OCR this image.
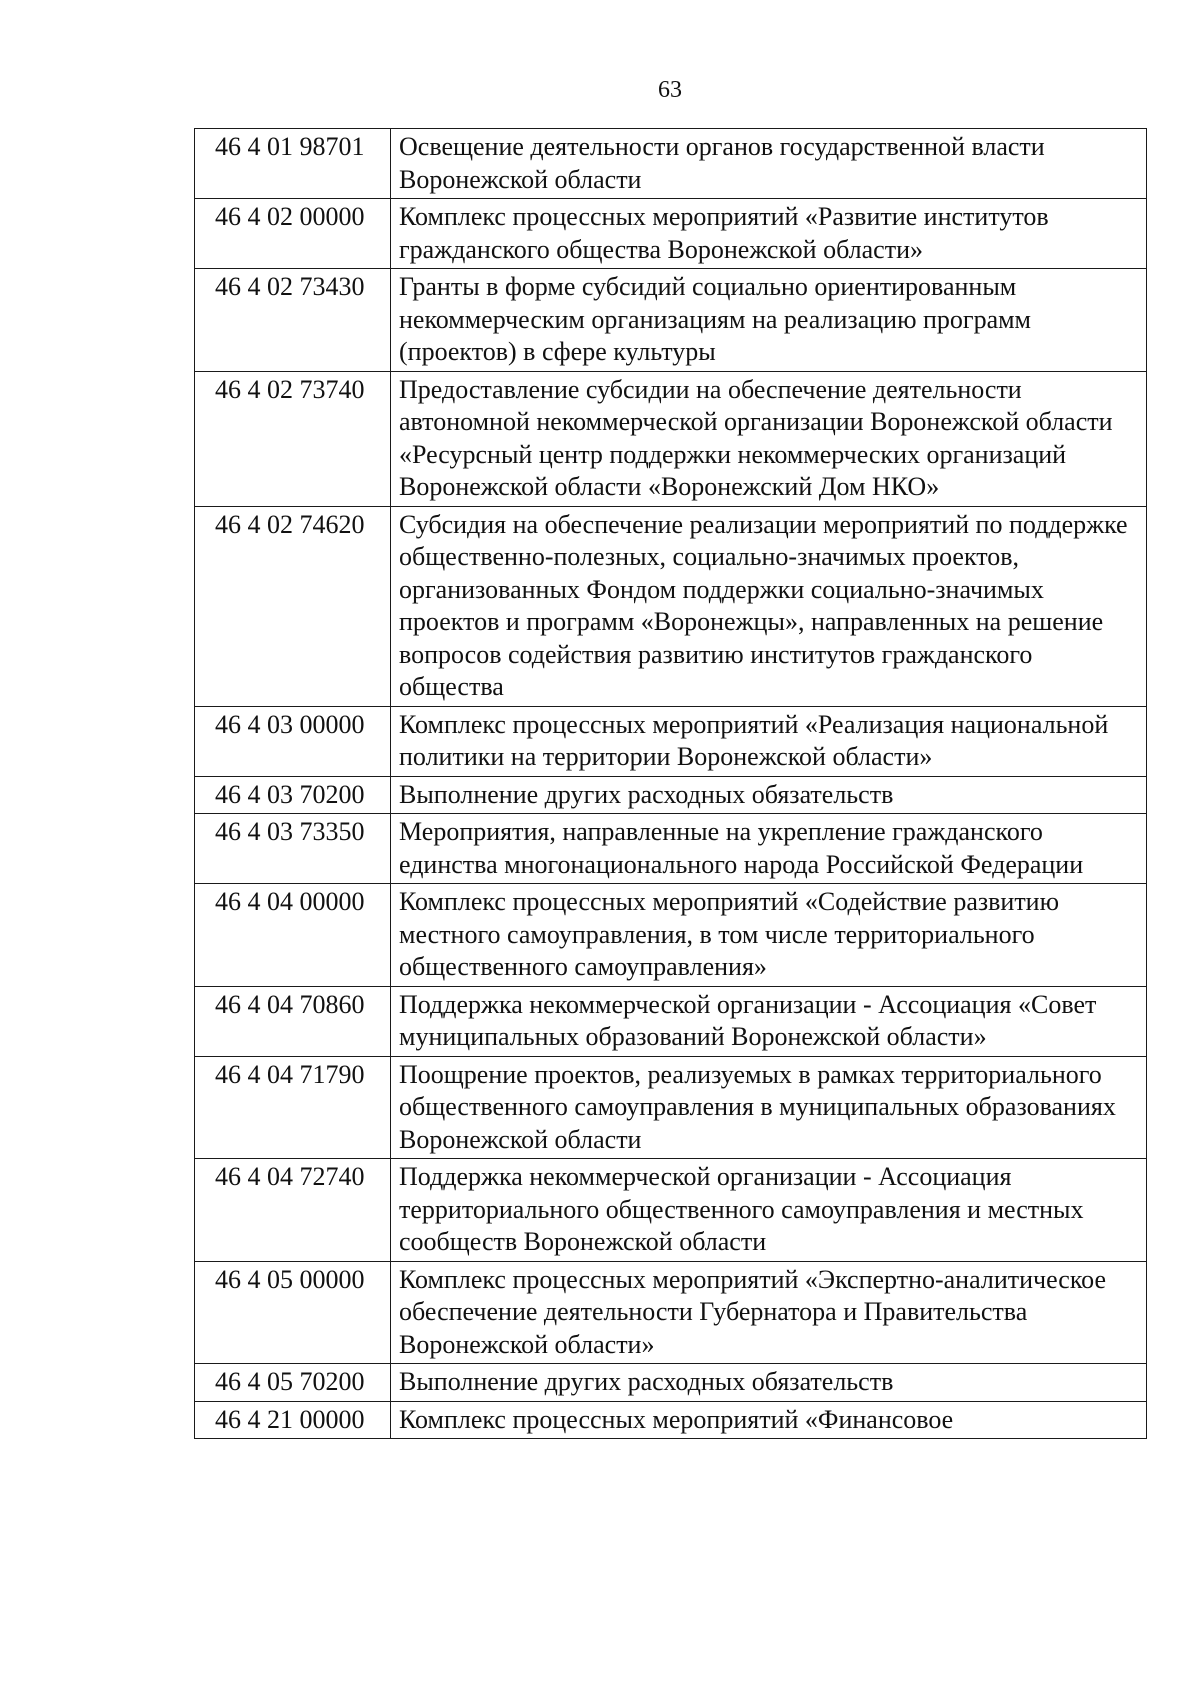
63
46 4 01 98701	Освещение деятельности органов государственной власти Воронежской области
46 4 02 00000	Комплекс процессных мероприятий «Развитие институтов гражданского общества Воронежской области»
46 4 02 73430	Гранты в форме субсидий социально ориентированным некоммерческим организациям на реализацию программ (проектов) в сфере культуры
46 4 02 73740	Предоставление субсидии на обеспечение деятельности автономной некоммерческой организации Воронежской области «Ресурсный центр поддержки некоммерческих организаций Воронежской области «Воронежский Дом НКО»
46 4 02 74620	Субсидия на обеспечение реализации мероприятий по поддержке общественно-полезных, социально-значимых проектов, организованных Фондом поддержки социально-значимых проектов и программ «Воронежцы», направленных на решение вопросов содействия развитию институтов гражданского общества
46 4 03 00000	Комплекс процессных мероприятий «Реализация национальной политики на территории Воронежской области»
46 4 03 70200	Выполнение других расходных обязательств
46 4 03 73350	Мероприятия, направленные на укрепление гражданского единства многонационального народа Российской Федерации
46 4 04 00000	Комплекс процессных мероприятий «Содействие развитию местного самоуправления, в том числе территориального общественного самоуправления»
46 4 04 70860	Поддержка некоммерческой организации - Ассоциация «Совет муниципальных образований Воронежской области»
46 4 04 71790	Поощрение проектов, реализуемых в рамках территориального общественного самоуправления в муниципальных образованиях Воронежской области
46 4 04 72740	Поддержка некоммерческой организации - Ассоциация территориального общественного самоуправления и местных сообществ Воронежской области
46 4 05 00000	Комплекс процессных мероприятий «Экспертно-аналитическое обеспечение деятельности Губернатора и Правительства Воронежской области»
46 4 05 70200	Выполнение других расходных обязательств
46 4 21 00000	Комплекс процессных мероприятий «Финансовое
